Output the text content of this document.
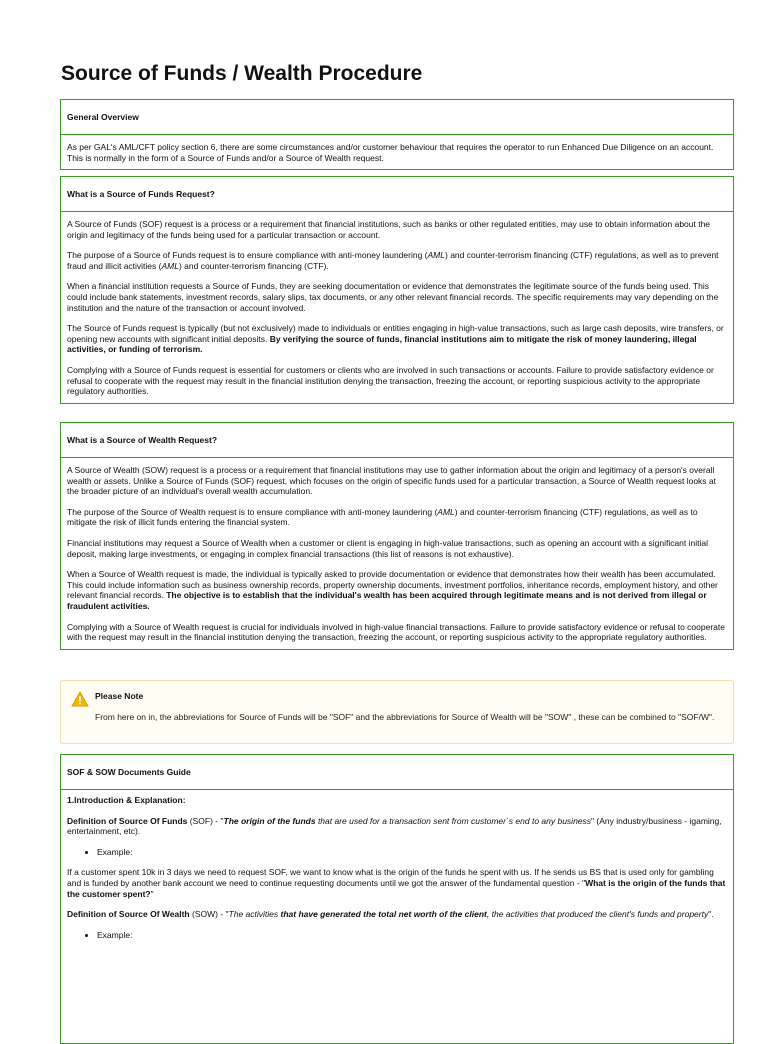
Source of Funds / Wealth Procedure
General Overview

As per GAL's AML/CFT policy section 6, there are some circumstances and/or customer behaviour that requires the operator to run Enhanced Due Diligence on an account. This is normally in the form of a Source of Funds and/or a Source of Wealth request.

What is a Source of Funds Request?

A Source of Funds (SOF) request is a process or a requirement that financial institutions, such as banks or other regulated entities, may use to obtain information about the origin and legitimacy of the funds being used for a particular transaction or account.

The purpose of a Source of Funds request is to ensure compliance with anti-money laundering (AML) and counter-terrorism financing (CTF) regulations, as well as to prevent fraud and illicit activities (AML) and counter-terrorism financing (CTF).

When a financial institution requests a Source of Funds, they are seeking documentation or evidence that demonstrates the legitimate source of the funds being used. This could include bank statements, investment records, salary slips, tax documents, or any other relevant financial records. The specific requirements may vary depending on the institution and the nature of the transaction or account involved.

The Source of Funds request is typically (but not exclusively) made to individuals or entities engaging in high-value transactions, such as large cash deposits, wire transfers, or opening new accounts with significant initial deposits. By verifying the source of funds, financial institutions aim to mitigate the risk of money laundering, illegal activities, or funding of terrorism.

Complying with a Source of Funds request is essential for customers or clients who are involved in such transactions or accounts. Failure to provide satisfactory evidence or refusal to cooperate with the request may result in the financial institution denying the transaction, freezing the account, or reporting suspicious activity to the appropriate regulatory authorities.

What is a Source of Wealth Request?

A Source of Wealth (SOW) request is a process or a requirement that financial institutions may use to gather information about the origin and legitimacy of a person's overall wealth or assets. Unlike a Source of Funds (SOF) request, which focuses on the origin of specific funds used for a particular transaction, a Source of Wealth request looks at the broader picture of an individual's overall wealth accumulation.

The purpose of the Source of Wealth request is to ensure compliance with anti-money laundering (AML) and counter-terrorism financing (CTF) regulations, as well as to mitigate the risk of illicit funds entering the financial system.

Financial institutions may request a Source of Wealth when a customer or client is engaging in high-value transactions, such as opening an account with a significant initial deposit, making large investments, or engaging in complex financial transactions (this list of reasons is not exhaustive).

When a Source of Wealth request is made, the individual is typically asked to provide documentation or evidence that demonstrates how their wealth has been accumulated. This could include information such as business ownership records, property ownership documents, investment portfolios, inheritance records, employment history, and other relevant financial records. The objective is to establish that the individual's wealth has been acquired through legitimate means and is not derived from illegal or fraudulent activities.

Complying with a Source of Wealth request is crucial for individuals involved in high-value financial transactions. Failure to provide satisfactory evidence or refusal to cooperate with the request may result in the financial institution denying the transaction, freezing the account, or reporting suspicious activity to the appropriate regulatory authorities.

Please Note
From here on in, the abbreviations for Source of Funds will be "SOF" and the abbreviations for Source of Wealth will be "SOW" , these can be combined to "SOF/W".
SOF & SOW Documents Guide

1.Introduction & Explanation:

Definition of Source Of Funds (SOF) - "The origin of the funds that are used for a transaction sent from customer`s end to any business" (Any industry/business - igaming, entertainment, etc).

• Example:

If a customer spent 10k in 3 days we need to request SOF, we want to know what is the origin of the funds he spent with us. If he sends us BS that is used only for gambling and is funded by another bank account we need to continue requesting documents until we got the answer of the fundamental question - "What is the origin of the funds that the customer spent?"

Definition of Source Of Wealth (SOW) - "The activities that have generated the total net worth of the client, the activities that produced the client's funds and property".

• Example:
